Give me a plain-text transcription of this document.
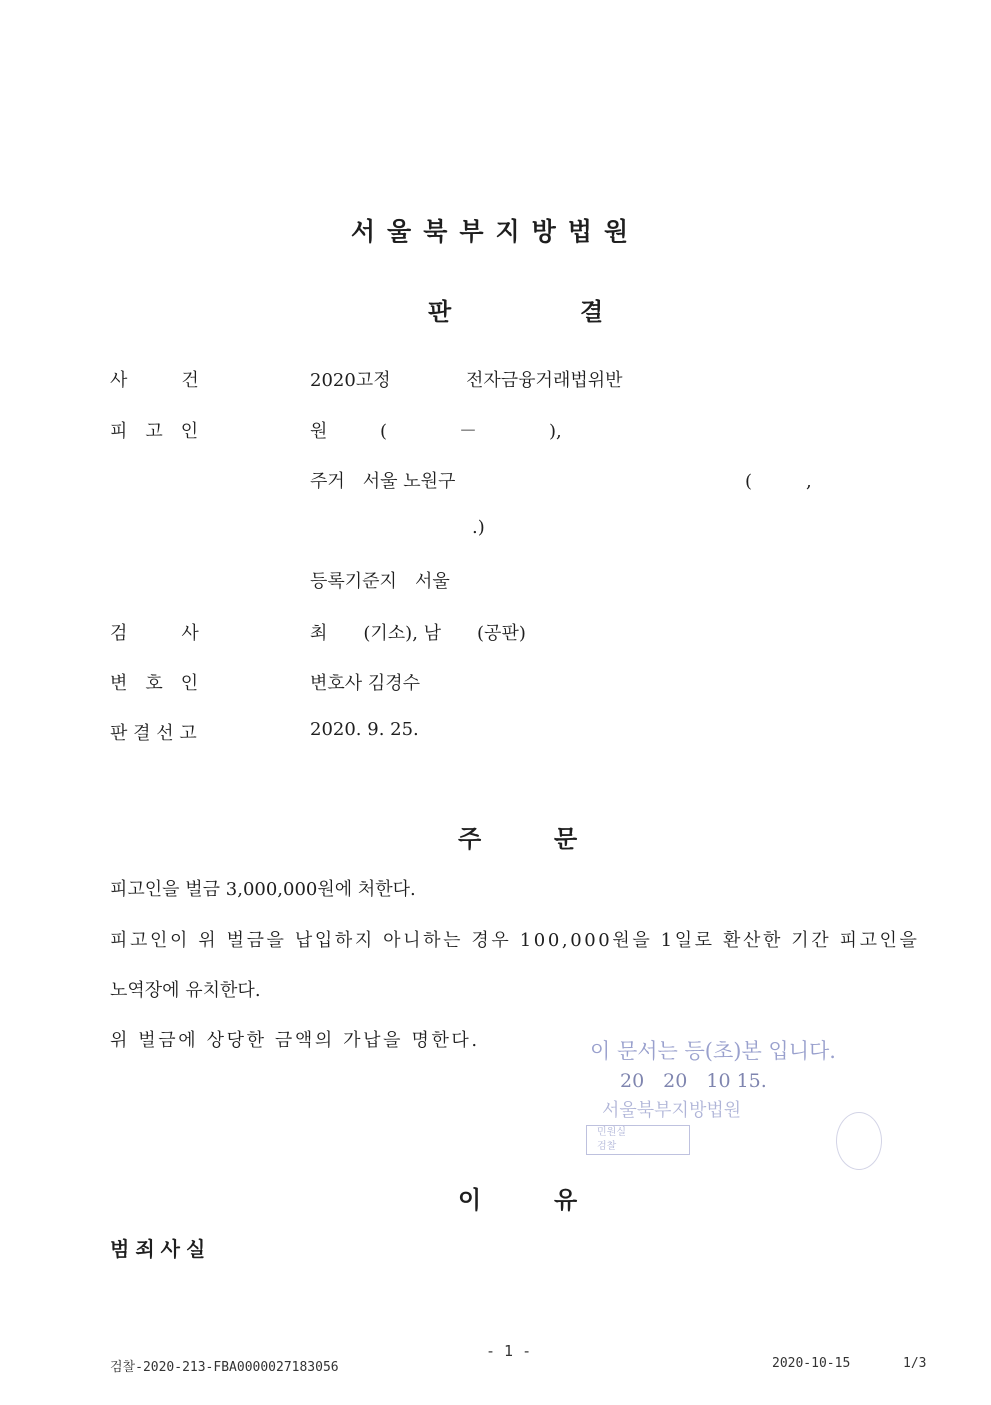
서울북부지방법원
판	결
사　　　건	2020고정	전자금융거래법위반
피　고　인	원	(　　　　－　　　　),
주거　서울 노원구	(　　　,
.)
등록기준지　서울
검　　　사	최　　(기소), 남　　(공판)
변　호　인	변호사 김경수
판 결 선 고	2020. 9. 25.
주	문
피고인을 벌금 3,000,000원에 처한다.
피고인이 위 벌금을 납입하지 아니하는 경우 100,000원을 1일로 환산한 기간 피고인을
노역장에 유치한다.
위 벌금에 상당한 금액의 가납을 명한다.	이 문서는 등(초)본 입니다.
20　20　10 15.
서울북부지방법원
민원실
검찰
이	유
범죄사실
검찰-2020-213-FBA0000027183056
- 1 -
2020-10-15	1/3
